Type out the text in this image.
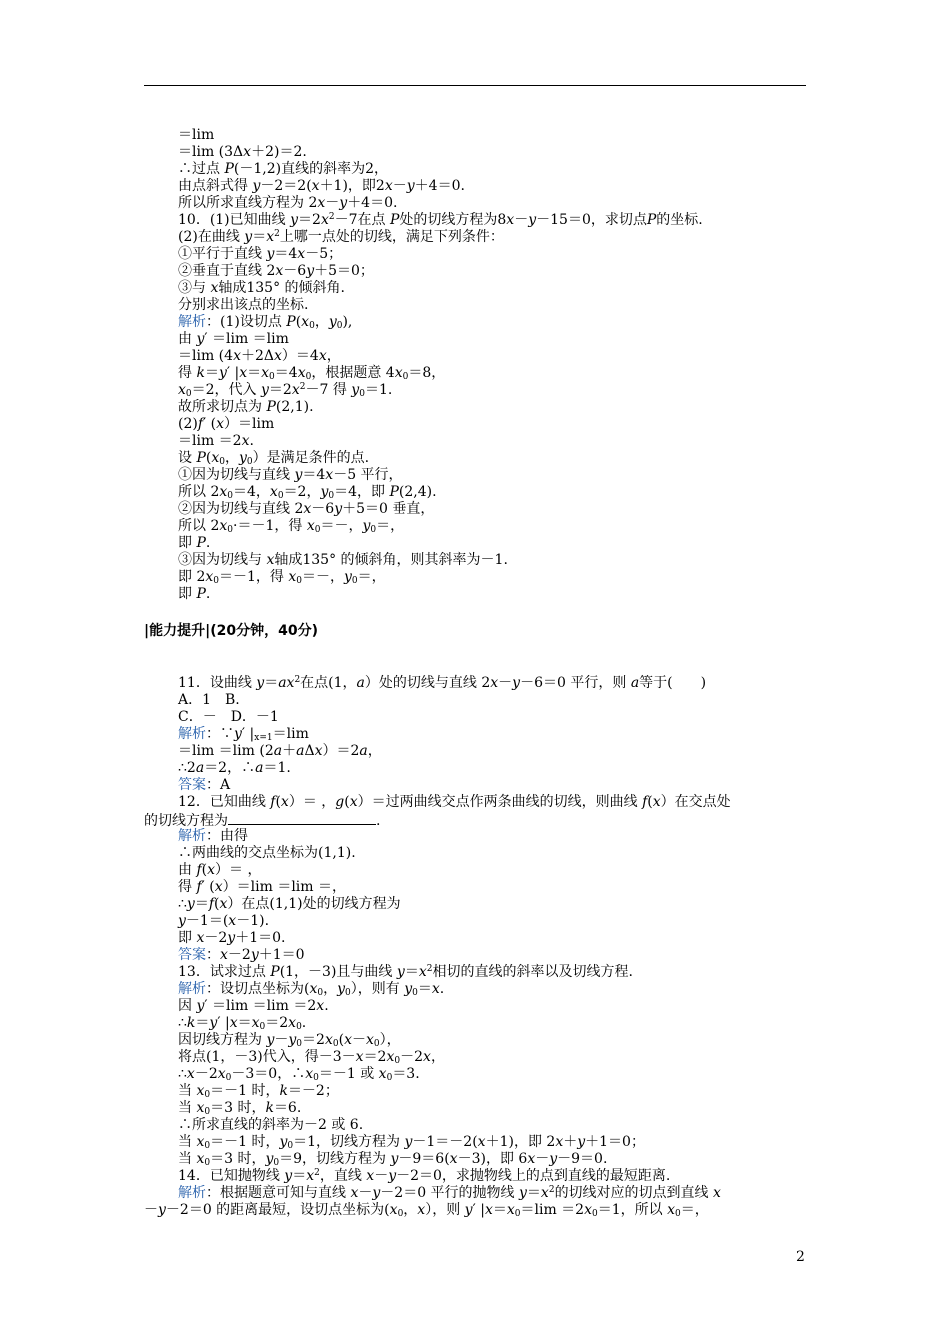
＝lim
＝lim (3Δx＋2)＝2.
∴过点 P(－1,2)直线的斜率为2，
由点斜式得 y－2＝2(x＋1)，即2x－y＋4＝0.
所以所求直线方程为 2x－y＋4＝0.
10．(1)已知曲线 $y=2x^2-7$在点 P处的切线方程为8x－y－15＝0，求切点P的坐标.
(2)在曲线 $y=x^2$上哪一点处的切线，满足下列条件：
①平行于直线 y＝4x－5；
②垂直于直线 2x－6y＋5＝0；
③与 x轴成135° 的倾斜角.
分别求出该点的坐标.
解析：(1)设切点 $P(x_0$，$y_0$),
由 y′ ＝lim ＝lim
＝lim (4x＋2Δx）＝4x，
得 k＝y′ $|x=x_0=4x_0$，根据题意 $4x_0=8$，
$x_0=2$，代入 $y=2x^2-7$ 得 $y_0=1$.
故所求切点为 P(2,1).
(2)f′ (x）＝lim
＝lim ＝2x.
设 $P(x_0$，$y_0$）是满足条件的点.
①因为切线与直线 y＝4x－5 平行，
所以 $2x_0=4$，$x_0=2$，$y_0=4$，即 P(2,4).
②因为切线与直线 2x－6y＋5＝0 垂直，
所以 $2x_0\cdot=-1$，得 $x_0=-$，$y_0=$，
即 P.
③因为切线与 x轴成135° 的倾斜角，则其斜率为－1.
即 $2x_0=-1$，得 $x_0=-$，$y_0=$，
即 P.
11．设曲线 $y=ax^2$在点(1，a）处的切线与直线 2x－y－6＝0 平行，则 a等于(　　)
A．1　B.
C．－　D．－1
解析：∵y′ $|_{x=1}=\lim$
＝lim ＝lim (2a＋aΔx）＝2a，
∴2a＝2，∴a＝1.
答案：A
12．已知曲线 f(x）＝ ，g(x）＝过两曲线交点作两条曲线的切线，则曲线 f(x）在交点处
的切线方程为	.
解析：由得
∴两曲线的交点坐标为(1,1).
由 f(x）＝ ，
得 f′ (x）＝lim ＝lim ＝，
∴y＝f(x）在点(1,1)处的切线方程为
y－1＝(x－1).
即 x－2y＋1＝0.
答案：x－2y＋1＝0
13．试求过点 P(1，－3)且与曲线 $y=x^2$相切的直线的斜率以及切线方程.
解析：设切点坐标为($x_0$，$y_0$），则有 $y_0=x$.
因 y′ ＝lim ＝lim ＝2x.
∴k＝y′ $|x=x_0=2x_0$.
因切线方程为 $y-y_0=2x_0(x-x_0)$，
将点(1，－3)代入，得$-3-x=2x_0-2x$，
$\therefore x-2x_0-3=0$，$\therefore x_0=-1$ 或 $x_0=3$.
当 $x_0=-1$ 时，k＝－2；
当 $x_0=3$ 时，k＝6.
∴所求直线的斜率为－2 或 6.
当 $x_0=-1$ 时，$y_0=1$，切线方程为 y－1＝－2(x＋1)，即 2x＋y＋1＝0；
当 $x_0=3$ 时，$y_0=9$，切线方程为 y－9＝6(x－3)，即 6x－y－9＝0.
14．已知抛物线 $y=x^2$，直线 x－y－2＝0，求抛物线上的点到直线的最短距离.
解析：根据题意可知与直线 x－y－2＝0 平行的抛物线 $y=x^2$的切线对应的切点到直线 x
－y－2＝0 的距离最短，设切点坐标为($x_0$，x），则 y′ $|x=x_0=\lim =2x_0=1$，所以 $x_0=$，
|能力提升|(20分钟，40分)
2
